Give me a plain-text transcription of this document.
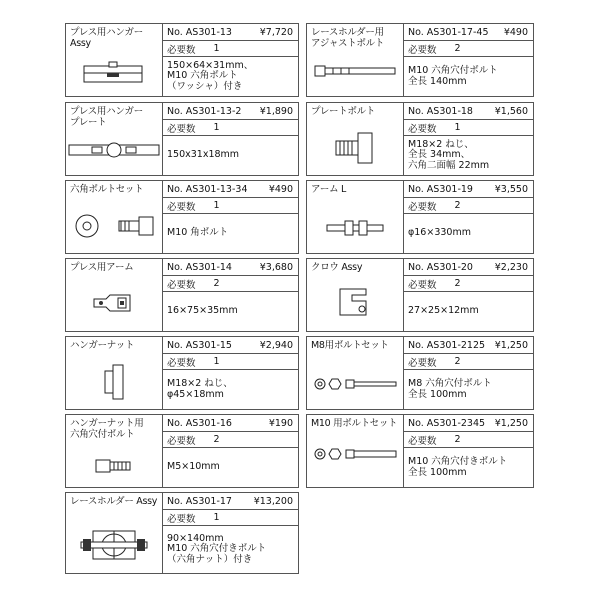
プレス用ハンガー Assy
No. AS301-13	¥7,720
必要数 1
150×64×31mm、
M10 六角ボルト
（ワッシャ）付き
プレス用ハンガー
プレート
No. AS301-13-2 ¥1,890
必要数 1
150x31x18mm
六角ボルトセット No. AS301-13-34 ¥490
必要数 1
M10 角ボルト
プレス用アーム	No. AS301-14	¥3,680
必要数 2
16×75×35mm
ハンガーナット	No. AS301-15	¥2,940
必要数 1
M18×2 ねじ、
φ45×18mm
ハンガーナット用
六角穴付ボルト
No. AS301-16	¥190
必要数 2
M5×10mm
レースホルダー Assy No. AS301-17 ¥13,200
必要数 1
90×140mm
M10 六角穴付きボルト
（六角ナット）付き
レースホルダー用
アジャストボルト
No. AS301-17-45 ¥490
必要数 2
M10 六角穴付ボルト
全長 140mm
プレートボルト	No. AS301-18 ¥1,560
必要数 1
M18×2 ねじ、
全長 34mm、
六角二面幅 22mm
アーム L	No. AS301-19 ¥3,550
必要数 2
φ16×330mm
クロウ Assy	No. AS301-20 ¥2,230
必要数 2
27×25×12mm
M8用ボルトセット No. AS301-2125 ¥1,250
必要数 2
M8 六角穴付ボルト
全長 100mm
M10 用ボルトセット No. AS301-2345 ¥1,250
必要数 2
M10 六角穴付きボルト
全長 100mm
